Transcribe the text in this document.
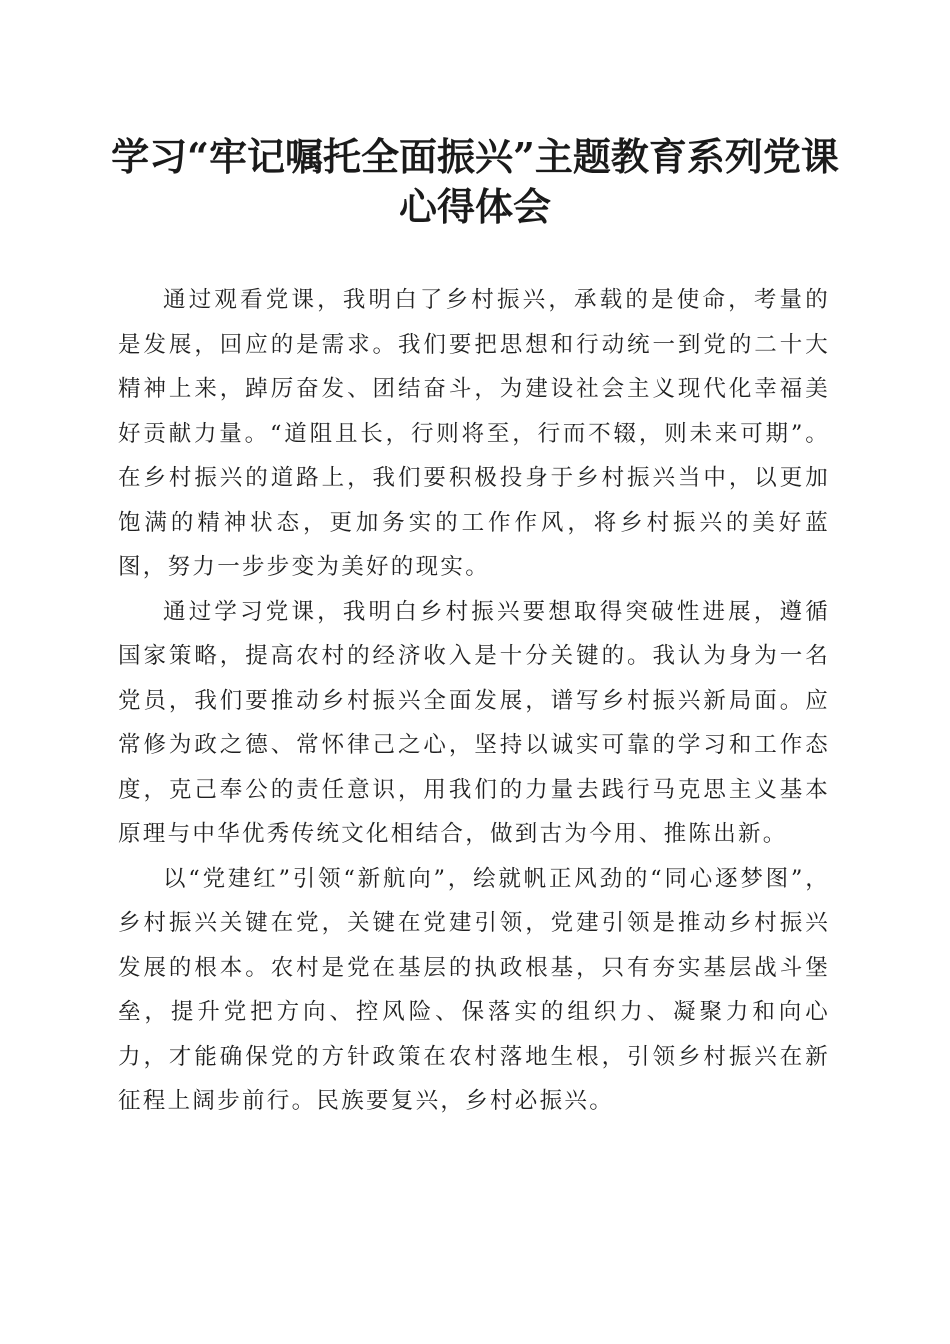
学习“牢记嘱托全面振兴”主题教育系列党课
心得体会

通过观看党课，我明白了乡村振兴，承载的是使命，考量的是发展，回应的是需求。我们要把思想和行动统一到党的二十大精神上来，踔厉奋发、团结奋斗，为建设社会主义现代化幸福美好贡献力量。“道阻且长，行则将至，行而不辍，则未来可期”。在乡村振兴的道路上，我们要积极投身于乡村振兴当中，以更加饱满的精神状态，更加务实的工作作风，将乡村振兴的美好蓝图，努力一步步变为美好的现实。

通过学习党课，我明白乡村振兴要想取得突破性进展，遵循国家策略，提高农村的经济收入是十分关键的。我认为身为一名党员，我们要推动乡村振兴全面发展，谱写乡村振兴新局面。应常修为政之德、常怀律己之心，坚持以诚实可靠的学习和工作态度，克己奉公的责任意识，用我们的力量去践行马克思主义基本原理与中华优秀传统文化相结合，做到古为今用、推陈出新。

以“党建红”引领“新航向”，绘就帆正风劲的“同心逐梦图”，乡村振兴关键在党，关键在党建引领，党建引领是推动乡村振兴发展的根本。农村是党在基层的执政根基，只有夯实基层战斗堡垒，提升党把方向、控风险、保落实的组织力、凝聚力和向心力，才能确保党的方针政策在农村落地生根，引领乡村振兴在新征程上阔步前行。民族要复兴，乡村必振兴。
